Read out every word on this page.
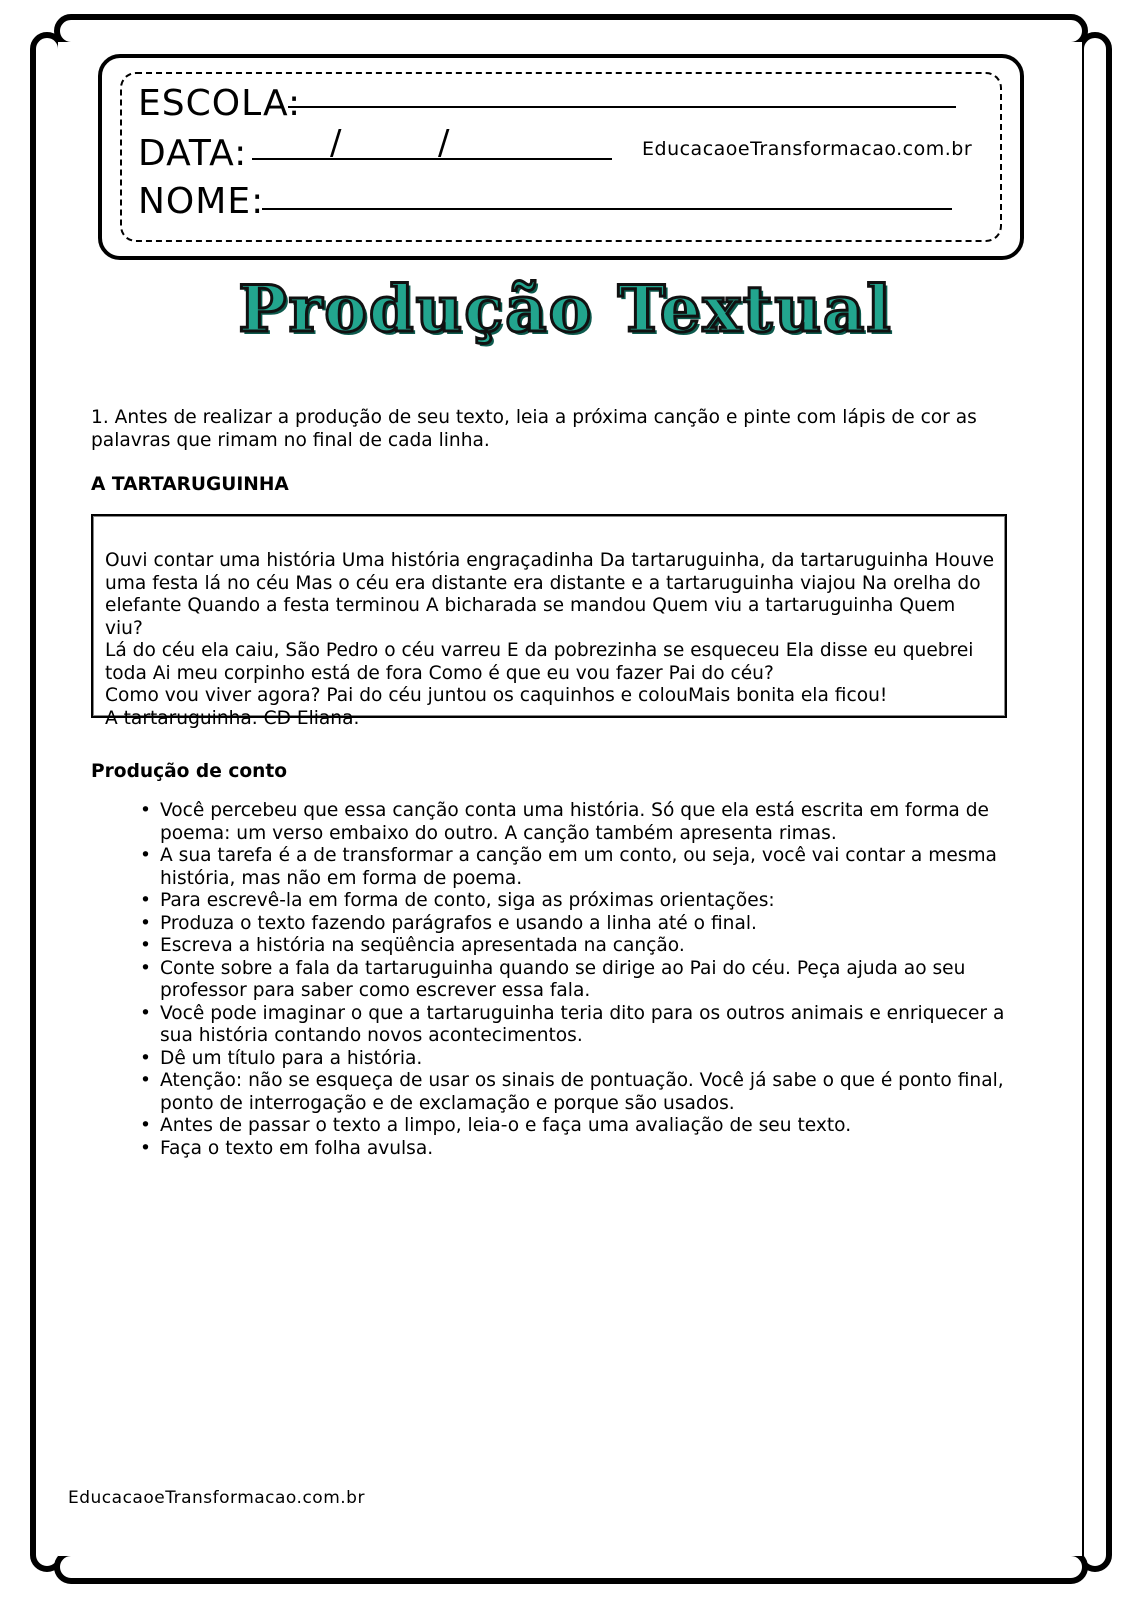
ESCOLA:
DATA: /	/	EducacaoeTransformacao.com.br
NOME:
Produção Textual
1. Antes de realizar a produção de seu texto, leia a próxima canção e pinte com lápis de cor as palavras que rimam no final de cada linha.
A TARTARUGUINHA
Ouvi contar uma história Uma história engraçadinha Da tartaruguinha, da tartaruguinha Houve
uma festa lá no céu Mas o céu era distante era distante e a tartaruguinha viajou Na orelha do
elefante Quando a festa terminou A bicharada se mandou Quem viu a tartaruguinha Quem viu?
Lá do céu ela caiu, São Pedro o céu varreu E da pobrezinha se esqueceu Ela disse eu quebrei
toda Ai meu corpinho está de fora Como é que eu vou fazer Pai do céu?
Como vou viver agora? Pai do céu juntou os caquinhos e colouMais bonita ela ficou!
A tartaruguinha. CD Eliana.
Produção de conto
• Você percebeu que essa canção conta uma história. Só que ela está escrita em forma de poema: um verso embaixo do outro. A canção também apresenta rimas.
• A sua tarefa é a de transformar a canção em um conto, ou seja, você vai contar a mesma história, mas não em forma de poema.
• Para escrevê-la em forma de conto, siga as próximas orientações:
• Produza o texto fazendo parágrafos e usando a linha até o final.
• Escreva a história na seqüência apresentada na canção.
• Conte sobre a fala da tartaruguinha quando se dirige ao Pai do céu. Peça ajuda ao seu professor para saber como escrever essa fala.
• Você pode imaginar o que a tartaruguinha teria dito para os outros animais e enriquecer a sua história contando novos acontecimentos.
• Dê um título para a história.
• Atenção: não se esqueça de usar os sinais de pontuação. Você já sabe o que é ponto final, ponto de interrogação e de exclamação e porque são usados.
• Antes de passar o texto a limpo, leia-o e faça uma avaliação de seu texto.
• Faça o texto em folha avulsa.
EducacaoeTransformacao.com.br
